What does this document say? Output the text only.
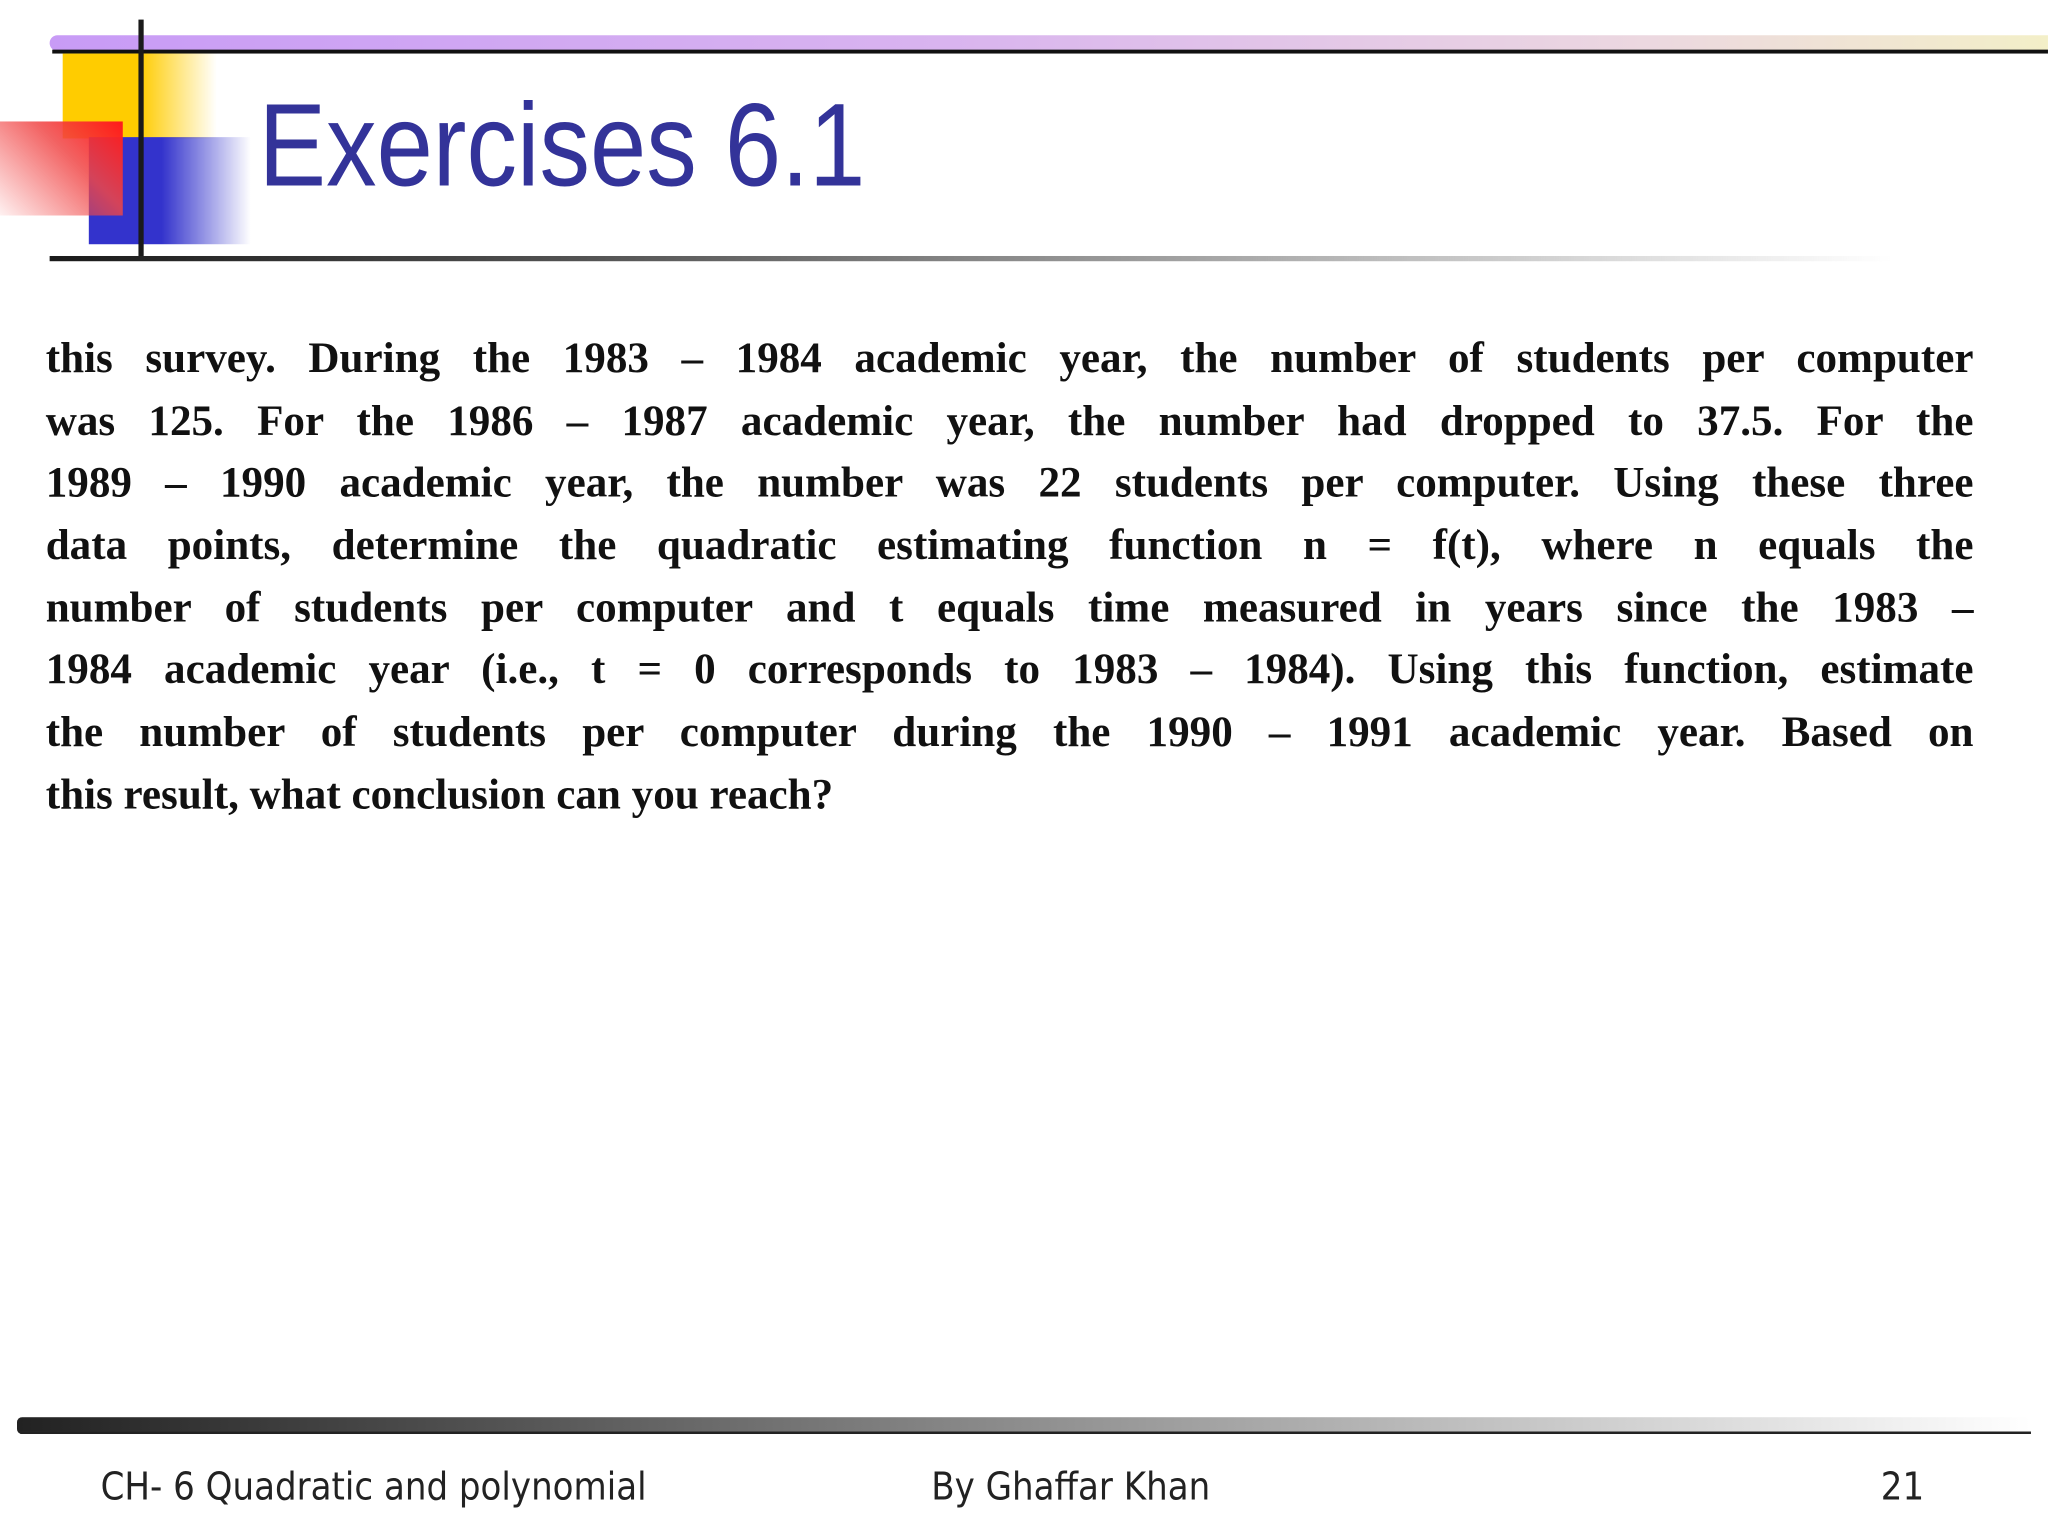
Exercises 6.1
this survey. During the 1983 – 1984 academic year, the number of students per computer
was 125. For the 1986 – 1987 academic year, the number had dropped to 37.5. For the
1989 – 1990 academic year, the number was 22 students per computer. Using these three
data points, determine the quadratic estimating function n = f(t), where n equals the
number of students per computer and t equals time measured in years since the 1983 –
1984 academic year (i.e., t = 0 corresponds to 1983 – 1984). Using this function, estimate
the number of students per computer during the 1990 – 1991 academic year. Based on
this result, what conclusion can you reach?
CH- 6 Quadratic and polynomial	By Ghaffar Khan	21
